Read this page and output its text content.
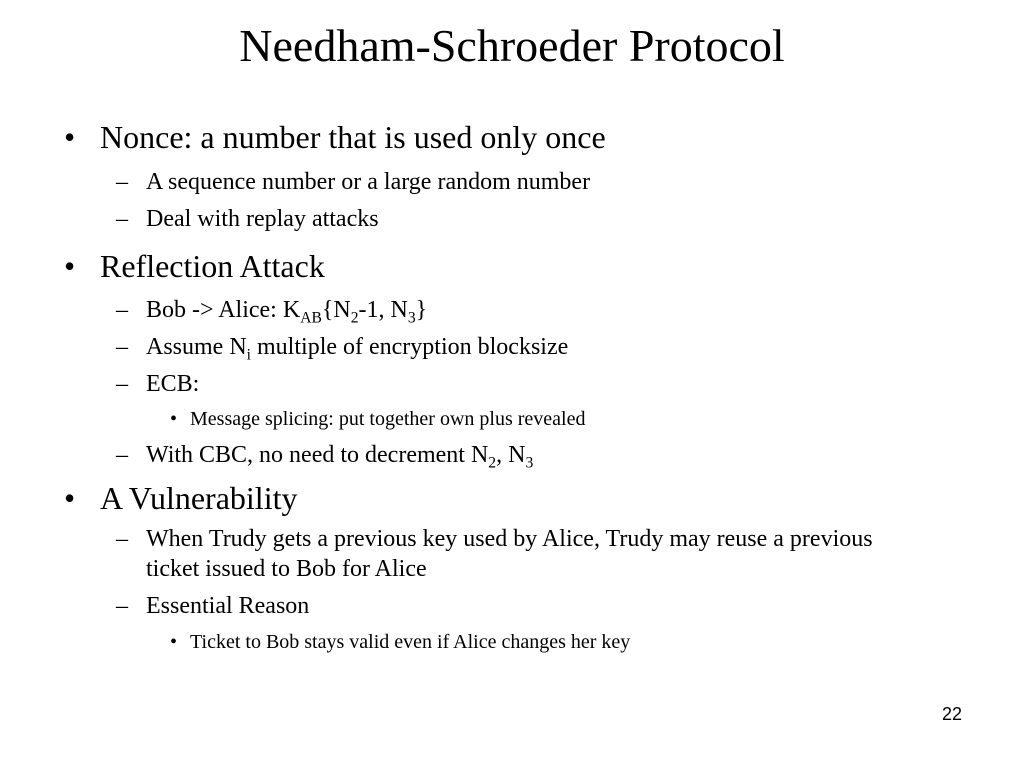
Needham-Schroeder Protocol
• Nonce: a number that is used only once
– A sequence number or a large random number
– Deal with replay attacks
• Reflection Attack
– Bob -> Alice: $K_{AB}\{N_2-1$, $N_3$}
– Assume $N_i$ multiple of encryption blocksize
– ECB:
• Message splicing: put together own plus revealed
– With CBC, no need to decrement $N_2$, $N_3$
• A Vulnerability
– When Trudy gets a previous key used by Alice, Trudy may reuse a previous ticket issued to Bob for Alice
– Essential Reason
• Ticket to Bob stays valid even if Alice changes her key
22
